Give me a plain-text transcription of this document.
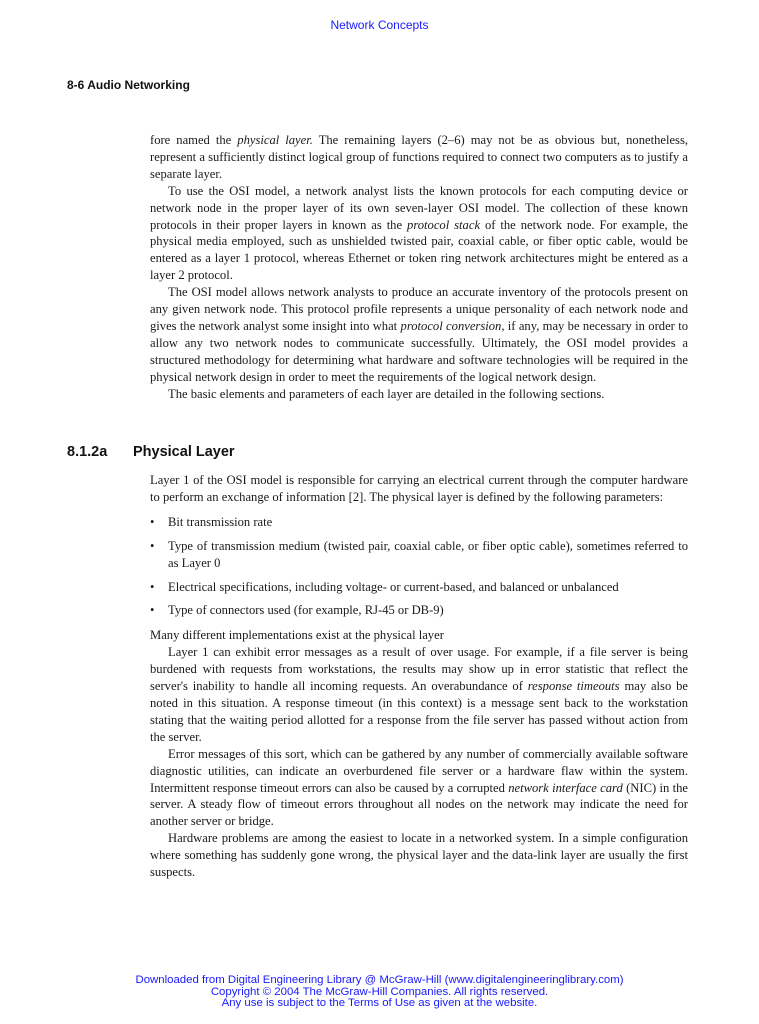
Network Concepts
8-6 Audio Networking

fore named the physical layer. The remaining layers (2–6) may not be as obvious but, nonetheless, represent a sufficiently distinct logical group of functions required to connect two computers as to justify a separate layer.

To use the OSI model, a network analyst lists the known protocols for each computing device or network node in the proper layer of its own seven-layer OSI model. The collection of these known protocols in their proper layers in known as the protocol stack of the network node. For example, the physical media employed, such as unshielded twisted pair, coaxial cable, or fiber optic cable, would be entered as a layer 1 protocol, whereas Ethernet or token ring network architectures might be entered as a layer 2 protocol.

The OSI model allows network analysts to produce an accurate inventory of the protocols present on any given network node. This protocol profile represents a unique personality of each network node and gives the network analyst some insight into what protocol conversion, if any, may be necessary in order to allow any two network nodes to communicate successfully. Ultimately, the OSI model provides a structured methodology for determining what hardware and software technologies will be required in the physical network design in order to meet the requirements of the logical network design.

The basic elements and parameters of each layer are detailed in the following sections.

8.1.2a Physical Layer

Layer 1 of the OSI model is responsible for carrying an electrical current through the computer hardware to perform an exchange of information [2]. The physical layer is defined by the following parameters:

• Bit transmission rate
• Type of transmission medium (twisted pair, coaxial cable, or fiber optic cable), sometimes referred to as Layer 0
• Electrical specifications, including voltage- or current-based, and balanced or unbalanced
• Type of connectors used (for example, RJ-45 or DB-9)

Many different implementations exist at the physical layer

Layer 1 can exhibit error messages as a result of over usage. For example, if a file server is being burdened with requests from workstations, the results may show up in error statistic that reflect the server's inability to handle all incoming requests. An overabundance of response timeouts may also be noted in this situation. A response timeout (in this context) is a message sent back to the workstation stating that the waiting period allotted for a response from the file server has passed without action from the server.

Error messages of this sort, which can be gathered by any number of commercially available software diagnostic utilities, can indicate an overburdened file server or a hardware flaw within the system. Intermittent response timeout errors can also be caused by a corrupted network interface card (NIC) in the server. A steady flow of timeout errors throughout all nodes on the network may indicate the need for another server or bridge.

Hardware problems are among the easiest to locate in a networked system. In a simple configuration where something has suddenly gone wrong, the physical layer and the data-link layer are usually the first suspects.

Downloaded from Digital Engineering Library @ McGraw-Hill (www.digitalengineeringlibrary.com)
Copyright © 2004 The McGraw-Hill Companies. All rights reserved.
Any use is subject to the Terms of Use as given at the website.
